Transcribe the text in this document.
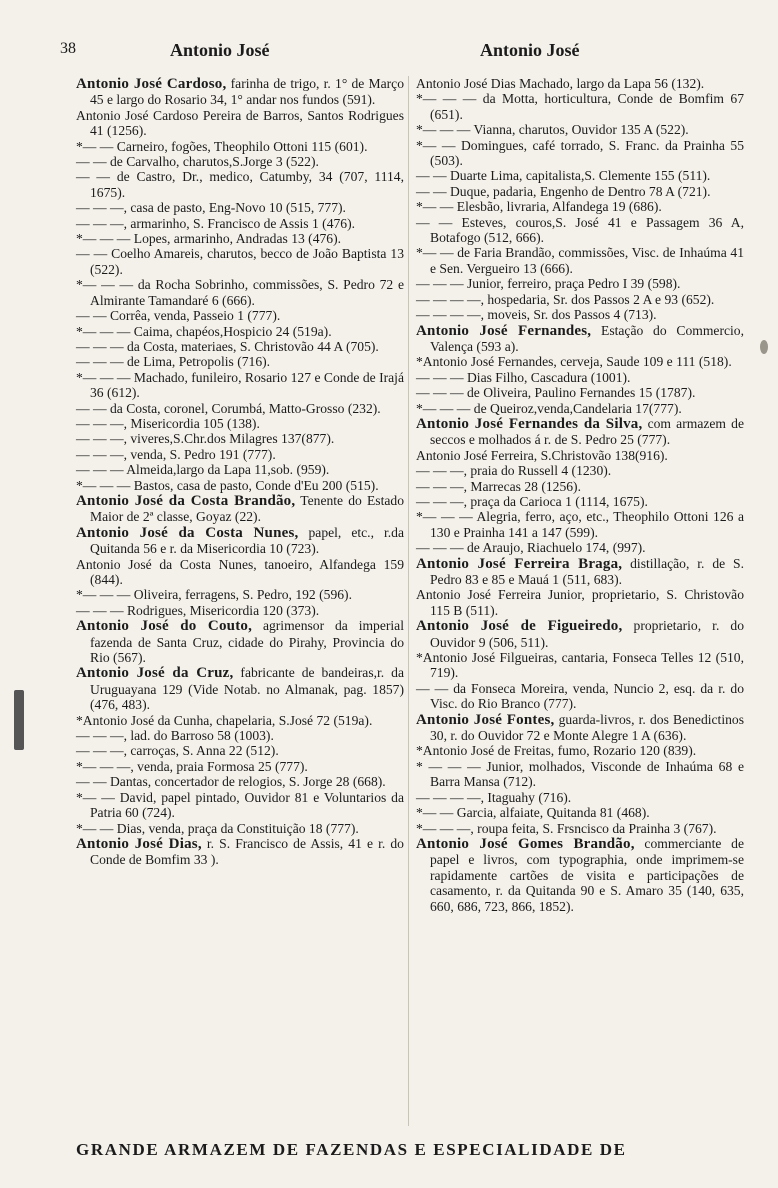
38	Antonio José	Antonio José

Antonio José Cardoso, farinha de trigo, r. 1° de Março 45 e largo do Rosario 34, 1° andar nos fundos (591).

Antonio José Cardoso Pereira de Barros, Santos Rodrigues 41 (1256).

*— — Carneiro, fogões, Theophilo Ottoni 115 (601).

— — de Carvalho, charutos,S.Jorge 3 (522).

— — de Castro, Dr., medico, Catumby, 34 (707, 1114, 1675).

— — —, casa de pasto, Eng-Novo 10 (515, 777).

— — —, armarinho, S. Francisco de Assis 1 (476).

*— — — Lopes, armarinho, Andradas 13 (476).

— — Coelho Amareis, charutos, becco de João Baptista 13 (522).

*— — — da Rocha Sobrinho, commissões, S. Pedro 72 e Almirante Tamandaré 6 (666).

— — Corrêa, venda, Passeio 1 (777).

*— — — Caima, chapéos,Hospicio 24 (519a).

— — — da Costa, materiaes, S. Christovão 44 A (705).

— — — de Lima, Petropolis (716).

*— — — Machado, funileiro, Rosario 127 e Conde de Irajá 36 (612).

— — da Costa, coronel, Corumbá, Matto-Grosso (232).

— — —, Misericordia 105 (138).

— — —, viveres,S.Chr.dos Milagres 137(877).

— — —, venda, S. Pedro 191 (777).

— — — Almeida,largo da Lapa 11,sob. (959).

*— — — Bastos, casa de pasto, Conde d'Eu 200 (515).

Antonio José da Costa Brandão, Tenente do Estado Maior de 2ª classe, Goyaz (22).

Antonio José da Costa Nunes, papel, etc., r.da Quitanda 56 e r. da Misericordia 10 (723).

Antonio José da Costa Nunes, tanoeiro, Alfandega 159 (844).

*— — — Oliveira, ferragens, S. Pedro, 192 (596).

— — — Rodrigues, Misericordia 120 (373).

Antonio José do Couto, agrimensor da imperial fazenda de Santa Cruz, cidade do Pirahy, Provincia do Rio (567).

Antonio José da Cruz, fabricante de bandeiras,r. da Uruguayana 129 (Vide Notab. no Almanak, pag. 1857) (476, 483).

*Antonio José da Cunha, chapelaria, S.José 72 (519a).

— — —, lad. do Barroso 58 (1003).

— — —, carroças, S. Anna 22 (512).

*— — —, venda, praia Formosa 25 (777).

— — Dantas, concertador de relogios, S. Jorge 28 (668).

*— — David, papel pintado, Ouvidor 81 e Voluntarios da Patria 60 (724).

*— — Dias, venda, praça da Constituição 18 (777).

Antonio José Dias, r. S. Francisco de Assis, 41 e r. do Conde de Bomfim 33 ).

Antonio José Dias Machado, largo da Lapa 56 (132).

*— — — da Motta, horticultura, Conde de Bomfim 67 (651).

*— — — Vianna, charutos, Ouvidor 135 A (522).

*— — Domingues, café torrado, S. Franc. da Prainha 55 (503).

— — Duarte Lima, capitalista,S. Clemente 155 (511).

— — Duque, padaria, Engenho de Dentro 78 A (721).

*— — Elesbão, livraria, Alfandega 19 (686).

— — Esteves, couros,S. José 41 e Passagem 36 A, Botafogo (512, 666).

*— — de Faria Brandão, commissões, Visc. de Inhaúma 41 e Sen. Vergueiro 13 (666).

— — — Junior, ferreiro, praça Pedro I 39 (598).

— — — —, hospedaria, Sr. dos Passos 2 A e 93 (652).

— — — —, moveis, Sr. dos Passos 4 (713).

Antonio José Fernandes, Estação do Commercio, Valença (593 a).

*Antonio José Fernandes, cerveja, Saude 109 e 111 (518).

— — — Dias Filho, Cascadura (1001).

— — — de Oliveira, Paulino Fernandes 15 (1787).

*— — — de Queiroz,venda,Candelaria 17(777).

Antonio José Fernandes da Silva, com armazem de seccos e molhados á r. de S. Pedro 25 (777).

Antonio José Ferreira, S.Christovão 138(916).

— — —, praia do Russell 4 (1230).

— — —, Marrecas 28 (1256).

— — —, praça da Carioca 1 (1114, 1675).

*— — — Alegria, ferro, aço, etc., Theophilo Ottoni 126 a 130 e Prainha 141 a 147 (599).

— — — de Araujo, Riachuelo 174, (997).

Antonio José Ferreira Braga, distillação, r. de S. Pedro 83 e 85 e Mauá 1 (511, 683).

Antonio José Ferreira Junior, proprietario, S. Christovão 115 B (511).

Antonio José de Figueiredo, proprietario, r. do Ouvidor 9 (506, 511).

*Antonio José Filgueiras, cantaria, Fonseca Telles 12 (510, 719).

— — da Fonseca Moreira, venda, Nuncio 2, esq. da r. do Visc. do Rio Branco (777).

Antonio José Fontes, guarda-livros, r. dos Benedictinos 30, r. do Ouvidor 72 e Monte Alegre 1 A (636).

*Antonio José de Freitas, fumo, Rozario 120 (839).

* — — — Junior, molhados, Visconde de Inhaúma 68 e Barra Mansa (712).

— — — —, Itaguahy (716).

*— — Garcia, alfaiate, Quitanda 81 (468).

*— — —, roupa feita, S. Frsncisco da Prainha 3 (767).

Antonio José Gomes Brandão, commerciante de papel e livros, com typographia, onde imprimem-se rapidamente cartões de visita e participações de casamento, r. da Quitanda 90 e S. Amaro 35 (140, 635, 660, 686, 723, 866, 1852).

GRANDE ARMAZEM DE FAZENDAS E ESPECIALIDADE DE
